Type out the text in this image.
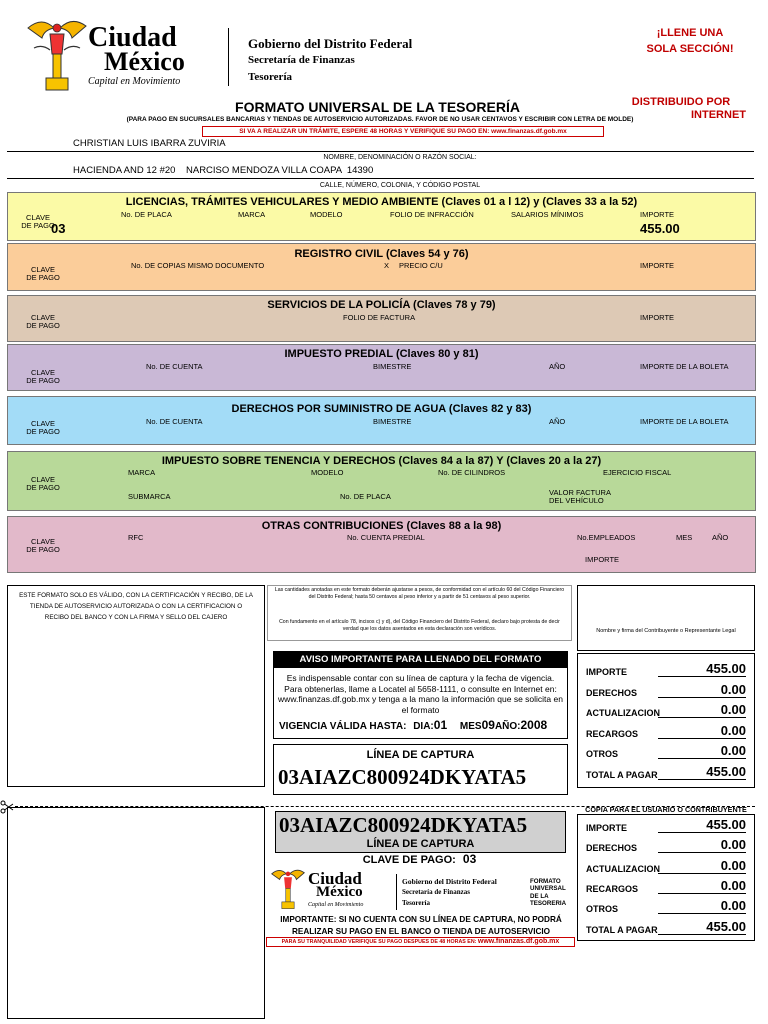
Ciudad
México
Capital en Movimiento
Gobierno del Distrito Federal
Secretaría de Finanzas
Tesorería
¡LLENE UNA
SOLA SECCIÓN!
DISTRIBUIDO POR
INTERNET
FORMATO UNIVERSAL DE LA TESORERÍA
(PARA PAGO EN SUCURSALES BANCARIAS Y TIENDAS DE AUTOSERVICIO AUTORIZADAS. FAVOR DE NO USAR CENTAVOS Y ESCRIBIR CON LETRA DE MOLDE)
SI VA A REALIZAR UN TRÁMITE, ESPERE 48 HORAS Y VERIFIQUE SU PAGO EN: www.finanzas.df.gob.mx
CHRISTIAN LUIS IBARRA ZUVIRIA
NOMBRE, DENOMINACIÓN O RAZÓN SOCIAL:
HACIENDA AND 12 #20    NARCISO MENDOZA VILLA COAPA  14390
CALLE, NÚMERO, COLONIA, Y CÓDIGO POSTAL
LICENCIAS, TRÁMITES VEHICULARES Y MEDIO AMBIENTE (Claves 01 a l 12) y (Claves 33 a la 52)
CLAVE
DE PAGO
No. DE PLACA	MARCA	MODELO	FOLIO DE INFRACCIÓN	SALARIOS MÍNIMOS	IMPORTE
03	455.00
REGISTRO CIVIL (Claves 54 y 76)
CLAVE
DE PAGO
No. DE COPIAS MISMO DOCUMENTO	X PRECIO C/U	IMPORTE
SERVICIOS DE LA POLICÍA (Claves 78 y 79)
CLAVE
DE PAGO
FOLIO DE FACTURA	IMPORTE
IMPUESTO PREDIAL (Claves 80 y 81)
CLAVE
DE PAGO
No. DE CUENTA	BIMESTRE	AÑO	IMPORTE DE LA BOLETA
DERECHOS POR SUMINISTRO DE AGUA (Claves 82 y 83)
CLAVE
DE PAGO
No. DE CUENTA	BIMESTRE	AÑO	IMPORTE DE LA BOLETA
IMPUESTO SOBRE TENENCIA Y DERECHOS (Claves 84 a la 87) Y (Claves 20 a la 27)
CLAVE
DE PAGO
MARCA	MODELO	No. DE CILINDROS	EJERCICIO FISCAL
SUBMARCA	No. DE PLACA	VALOR FACTURA
DEL VEHÍCULO
OTRAS CONTRIBUCIONES (Claves 88 a la 98)
CLAVE
DE PAGO
RFC	No. CUENTA PREDIAL	No.EMPLEADOS	MES	AÑO
IMPORTE
ESTE FORMATO SOLO ES VÁLIDO, CON LA CERTIFICACIÓN Y RECIBO, DE LA TIENDA DE AUTOSERVICIO AUTORIZADA O CON LA CERTIFICACION O RECIBO DEL BANCO Y CON LA FIRMA Y SELLO DEL CAJERO
Las cantidades anotadas en este formato deberán ajustarse a pesos, de conformidad con el artículo 60 del Código Financiero del Distrito Federal; hasta 50 centavos al peso inferior y a partir de 51 centavos al peso superior.
Con fundamento en el artículo 78, incisos c) y d), del Código Financiero del Distrito Federal, declaro bajo protesta de decir verdad que los datos asentados en esta declaración son verídicos.	Nombre y firma del Contribuyente o Representante Legal
AVISO IMPORTANTE PARA LLENADO DEL FORMATO
Es indispensable contar con su línea de captura y la fecha de vigencia. Para obtenerlas, llame a Locatel al 5658-1111, o consulte en Internet en: www.finanzas.df.gob.mx y tenga a la mano la información que se solicita en el formato
VIGENCIA VÁLIDA HASTA: DIA:01 MES09AÑO:2008
LÍNEA DE CAPTURA
03AIAZC800924DKYATA5
IMPORTE	455.00
DERECHOS	0.00
ACTUALIZACION	0.00
RECARGOS	0.00
OTROS	0.00
TOTAL A PAGAR	455.00
03AIAZC800924DKYATA5
LÍNEA DE CAPTURA
CLAVE DE PAGO: 03
Ciudad
México
Capital en Movimiento
Gobierno del Distrito Federal
Secretaría de Finanzas
Tesorería
FORMATO
UNIVERSAL
DE LA
TESORERIA
IMPORTANTE: SI NO CUENTA CON SU LÍNEA DE CAPTURA, NO PODRÁ REALIZAR SU PAGO EN EL BANCO O TIENDA DE AUTOSERVICIO
PARA SU TRANQUILIDAD VERIFIQUE SU PAGO DESPUES DE 48 HORAS EN: www.finanzas.df.gob.mx
COPIA PARA EL USUARIO O CONTRIBUYENTE
IMPORTE	455.00
DERECHOS	0.00
ACTUALIZACION	0.00
RECARGOS	0.00
OTROS	0.00
TOTAL A PAGAR	455.00
